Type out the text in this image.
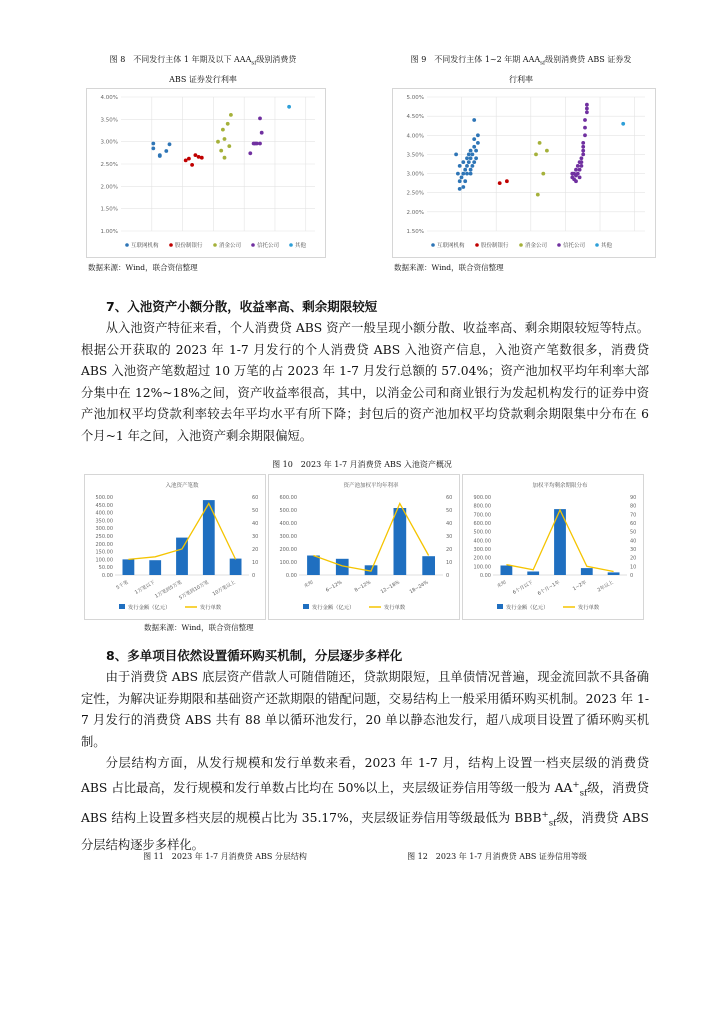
图 8　不同发行主体 1 年期及以下 $AAA_{sf}$级别消费贷
ABS 证券发行利率
图 9　不同发行主体 1~2 年期 $AAA_{sf}$级别消费贷 ABS 证券发
行利率
4.00%
3.50%
3.00%
2.50%
2.00%
1.50%
1.00%
互联网机构	股份制银行	消金公司	信托公司	其他
5.00%
4.50%
4.00%
3.50%
3.00%
2.50%
2.00%
1.50%
互联网机构	股份制银行	消金公司	信托公司	其他
数据来源：Wind，联合资信整理	数据来源：Wind，联合资信整理
7、入池资产小额分散，收益率高、剩余期限较短

从入池资产特征来看，个人消费贷 ABS 资产一般呈现小额分散、收益率高、剩余期限较短等特点。根据公开获取的 2023 年 1-7 月发行的个人消费贷 ABS 入池资产信息，入池资产笔数很多，消费贷 ABS 入池资产笔数超过 10 万笔的占 2023 年 1-7 月发行总额的 57.04%；资产池加权平均年利率大部分集中在 12%~18%之间，资产收益率很高，其中，以消金公司和商业银行为发起机构发行的证券中资产池加权平均贷款利率较去年平均水平有所下降；封包后的资产池加权平均贷款剩余期限集中分布在 6 个月~1 年之间，入池资产剩余期限偏短。

图 10　2023 年 1-7 月消费贷 ABS 入池资产概况
入池资产笔数
500.00
450.00
400.00
350.00
300.00
250.00
200.00
150.00
100.00
50.00
0.00
60
50
40
30
20
10
0
5千笔 1万笔以下
1万笔到5万笔
5万笔到10万笔 10万笔以上
发行金额（亿元）	发行单数
资产池加权平均年利率
600.00
500.00
400.00
300.00
200.00
100.00
0.00
60
50
40
30
20
10
0
未知 6~12% 8~12% 12~18% 18~24%
发行金额（亿元）	发行单数
加权平均剩余期限分布
900.00
800.00
700.00
600.00
500.00
400.00
300.00
200.00
100.00
0.00
90
80
70
60
50
40
30
20
10
0
未知 6个月以下 6个月~1年 1~2年 2年以上
发行金额（亿元）	发行单数
数据来源：Wind，联合资信整理
8、多单项目依然设置循环购买机制，分层逐步多样化

由于消费贷 ABS 底层资产借款人可随借随还，贷款期限短，且单债情况普遍，现金流回款不具备确定性，为解决证券期限和基础资产还款期限的错配问题，交易结构上一般采用循环购买机制。2023 年 1-7 月发行的消费贷 ABS 共有 88 单以循环池发行，20 单以静态池发行，超八成项目设置了循环购买机制。

分层结构方面，从发行规模和发行单数来看，2023 年 1-7 月，结构上设置一档夹层级的消费贷 ABS 占比最高，发行规模和发行单数占比均在 50%以上，夹层级证券信用等级一般为 $AA^+_{sf}$级，消费贷 ABS 结构上设置多档夹层的规模占比为 35.17%，夹层级证券信用等级最低为 $BBB^+_{sf}$级，消费贷 ABS 分层结构逐步多样化。

图 11　2023 年 1-7 月消费贷 ABS 分层结构	图 12　2023 年 1-7 月消费贷 ABS 证券信用等级
